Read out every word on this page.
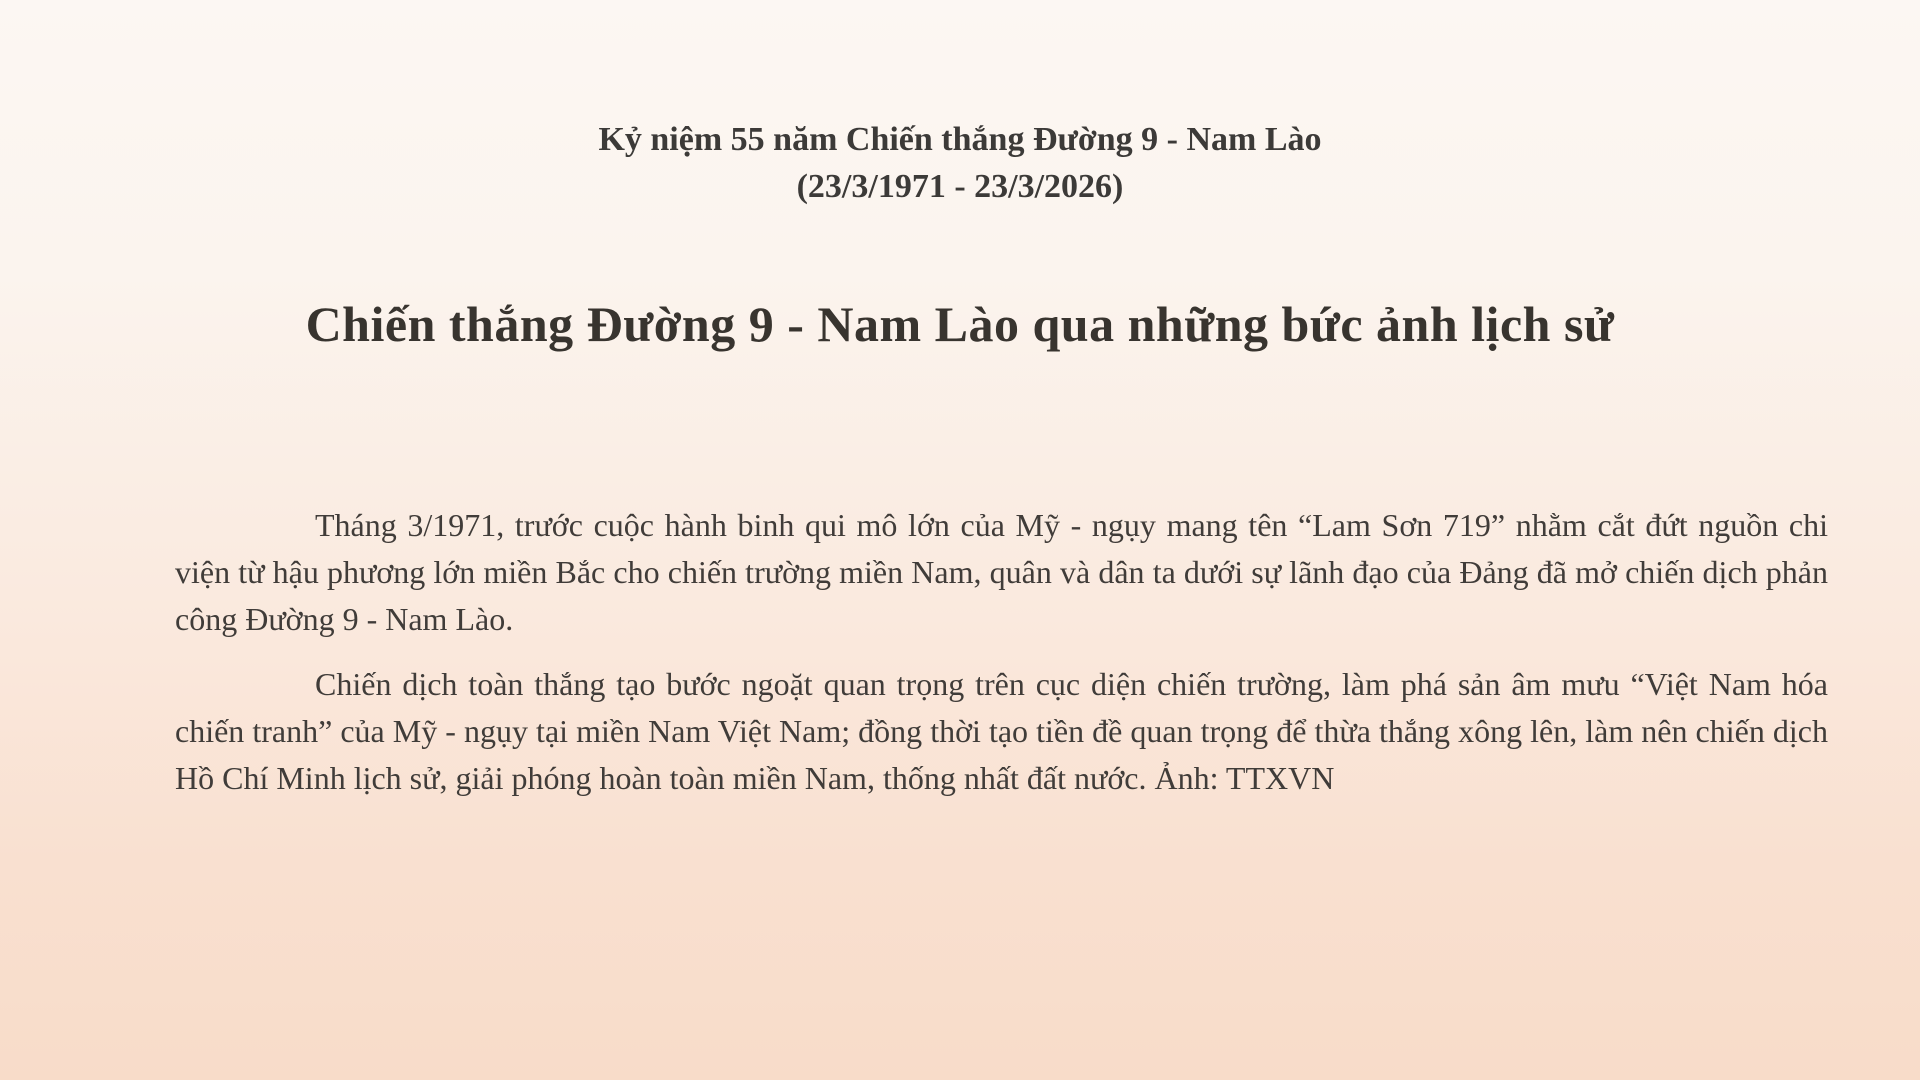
Kỷ niệm 55 năm Chiến thắng Đường 9 - Nam Lào
(23/3/1971 - 23/3/2026)
Chiến thắng Đường 9 - Nam Lào qua những bức ảnh lịch sử

Tháng 3/1971, trước cuộc hành binh qui mô lớn của Mỹ - ngụy mang tên “Lam Sơn 719” nhằm cắt đứt nguồn chi viện từ hậu phương lớn miền Bắc cho chiến trường miền Nam, quân và dân ta dưới sự lãnh đạo của Đảng đã mở chiến dịch phản công Đường 9 - Nam Lào.

Chiến dịch toàn thắng tạo bước ngoặt quan trọng trên cục diện chiến trường, làm phá sản âm mưu “Việt Nam hóa chiến tranh” của Mỹ - ngụy tại miền Nam Việt Nam; đồng thời tạo tiền đề quan trọng để thừa thắng xông lên, làm nên chiến dịch Hồ Chí Minh lịch sử, giải phóng hoàn toàn miền Nam, thống nhất đất nước. Ảnh: TTXVN
